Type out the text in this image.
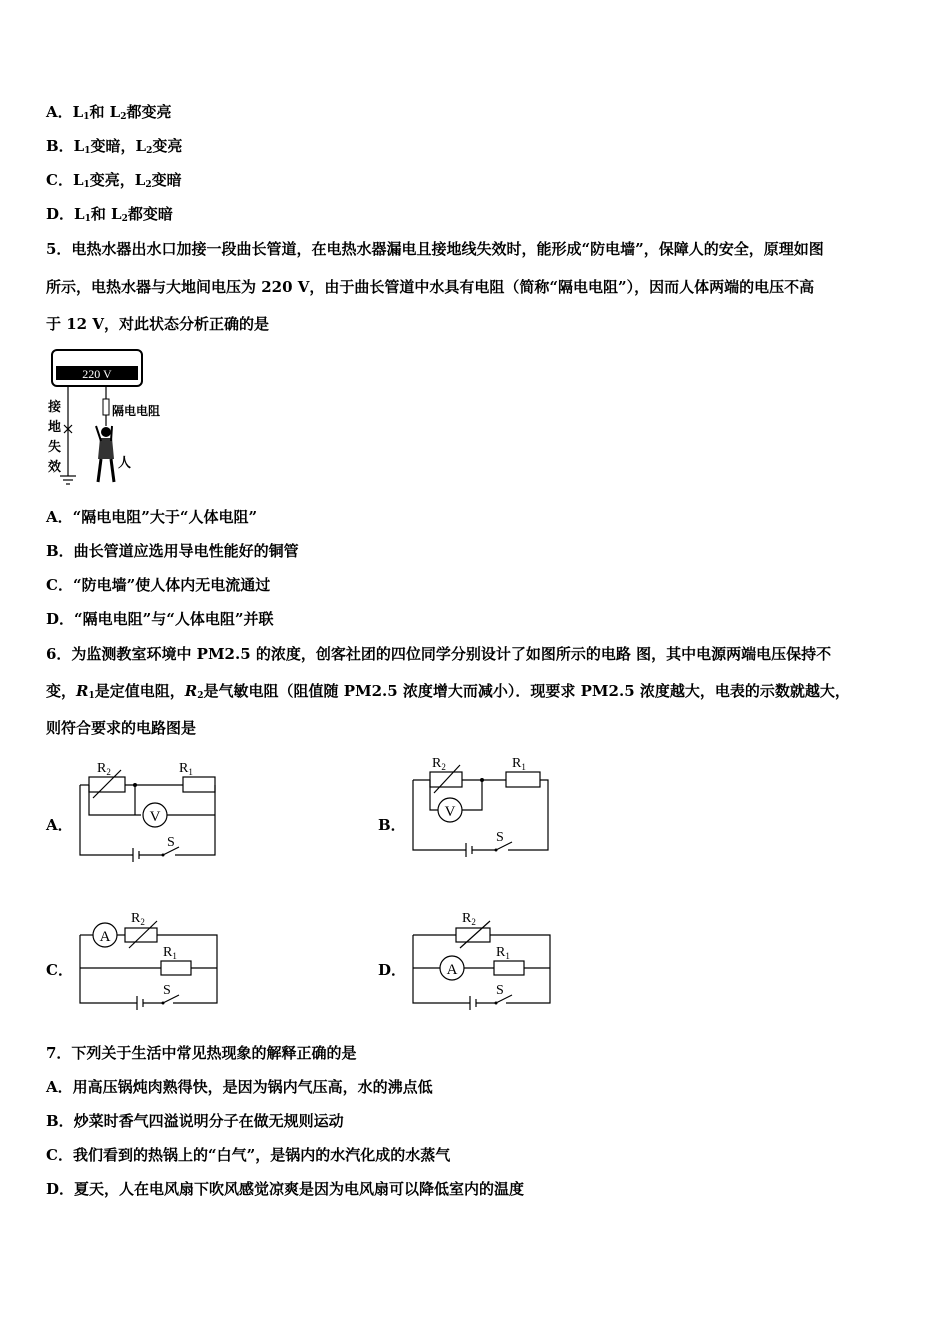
A．$L_1$和 $L_2$都变亮
B．$L_1$变暗，$L_2$变亮
C．$L_1$变亮，$L_2$变暗
D．$L_1$和 $L_2$都变暗
5．电热水器出水口加接一段曲长管道，在电热水器漏电且接地线失效时，能形成“防电墙”，保障人的安全，原理如图
所示，电热水器与大地间电压为 220 V，由于曲长管道中水具有电阻（简称“隔电电阻”），因而人体两端的电压不高
于 12 V，对此状态分析正确的是
220 V
接
地
失
效
隔电电阻
人
A．“隔电电阻”大于“人体电阻”
B．曲长管道应选用导电性能好的铜管
C．“防电墙”使人体内无电流通过
D．“隔电电阻”与“人体电阻”并联
6．为监测教室环境中 PM2.5 的浓度，创客社团的四位同学分别设计了如图所示的电路 图，其中电源两端电压保持不
变，$R_1$是定值电阻，$R_2$是气敏电阻（阻值随 PM2.5 浓度增大而减小）．现要求 PM2.5 浓度越大，电表的示数就越大，
则符合要求的电路图是
A．	V
S
$R_2$	$R_1$
B．
V
S
$R_2$	$R_1$
C．
A
S
$R_2$
$R_1$
D．	A
S
$R_2$
$R_1$
7．下列关于生活中常见热现象的解释正确的是
A．用高压锅炖肉熟得快，是因为锅内气压高，水的沸点低
B．炒菜时香气四溢说明分子在做无规则运动
C．我们看到的热锅上的“白气”，是锅内的水汽化成的水蒸气
D．夏天，人在电风扇下吹风感觉凉爽是因为电风扇可以降低室内的温度
